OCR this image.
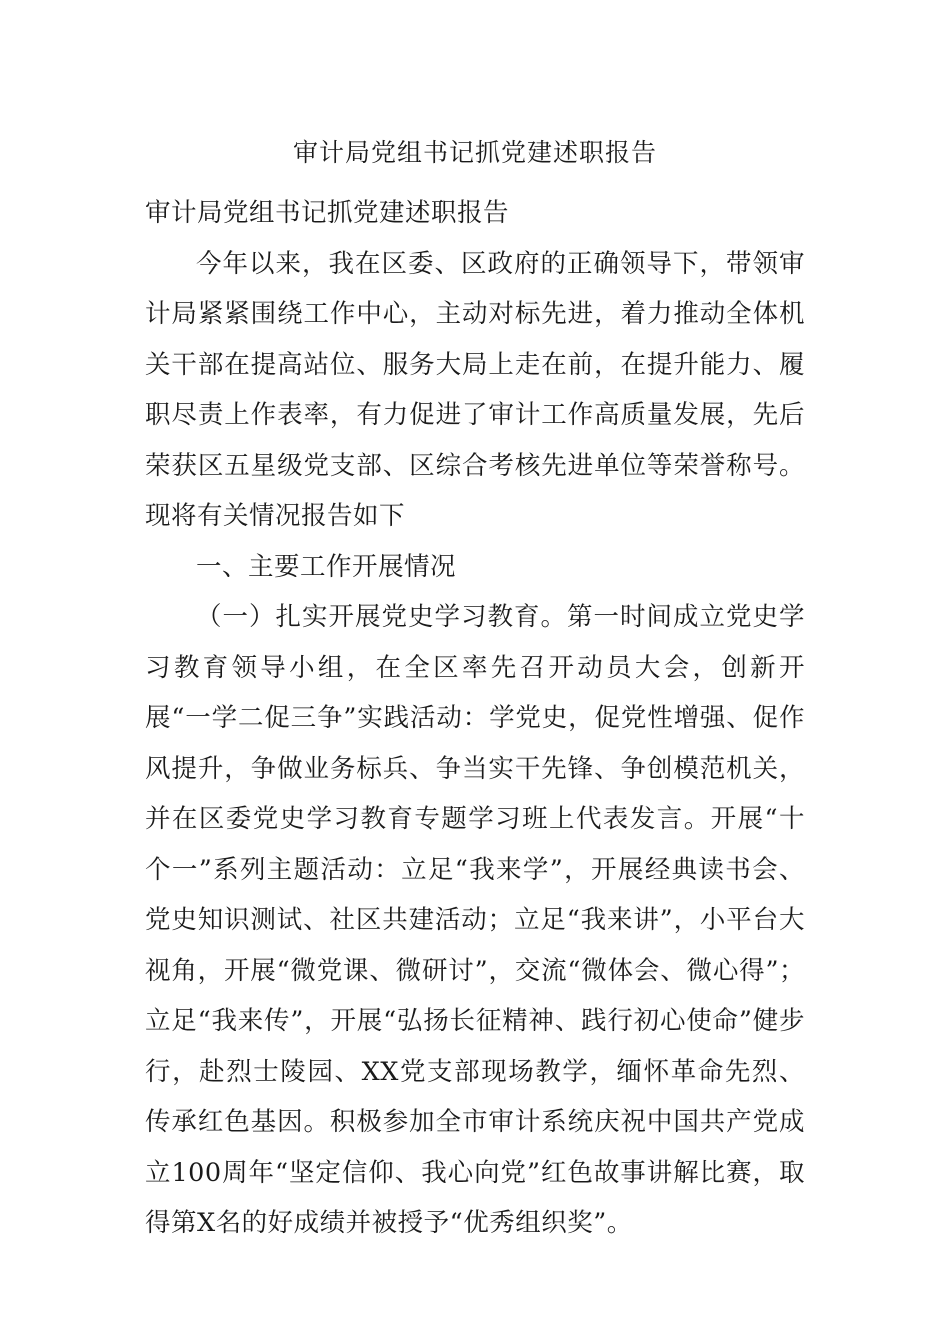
审计局党组书记抓党建述职报告

审计局党组书记抓党建述职报告

今年以来，我在区委、区政府的正确领导下，带领审计局紧紧围绕工作中心，主动对标先进，着力推动全体机关干部在提高站位、服务大局上走在前，在提升能力、履职尽责上作表率，有力促进了审计工作高质量发展，先后荣获区五星级党支部、区综合考核先进单位等荣誉称号。现将有关情况报告如下

一、主要工作开展情况

（一）扎实开展党史学习教育。第一时间成立党史学习教育领导小组，在全区率先召开动员大会，创新开展“一学二促三争”实践活动：学党史，促党性增强、促作风提升，争做业务标兵、争当实干先锋、争创模范机关，并在区委党史学习教育专题学习班上代表发言。开展“十个一”系列主题活动：立足“我来学”，开展经典读书会、党史知识测试、社区共建活动；立足“我来讲”，小平台大视角，开展“微党课、微研讨”，交流“微体会、微心得”；立足“我来传”，开展“弘扬长征精神、践行初心使命”健步行，赴烈士陵园、XX党支部现场教学，缅怀革命先烈、传承红色基因。积极参加全市审计系统庆祝中国共产党成立100周年“坚定信仰、我心向党”红色故事讲解比赛，取得第X名的好成绩并被授予“优秀组织奖”。
